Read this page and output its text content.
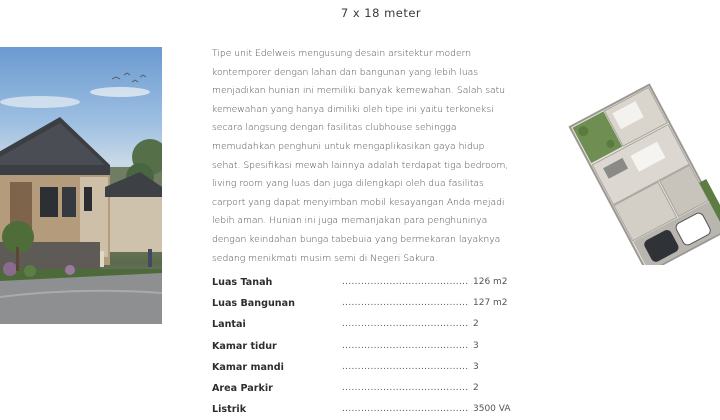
7 x 18 meter

Tipe unit Edelweis mengusung desain arsitektur modern kontemporer dengan lahan dan bangunan yang lebih luas menjadikan hunian ini memiliki banyak kemewahan. Salah satu kemewahan yang hanya dimiliki oleh tipe ini yaitu terkoneksi secara langsung dengan fasilitas clubhouse sehingga memudahkan penghuni untuk mengaplikasikan gaya hidup sehat. Spesifikasi mewah lainnya adalah terdapat tiga bedroom, living room yang luas dan juga dilengkapi oleh dua fasilitas carport yang dapat menyimban mobil kesayangan Anda mejadi lebih aman. Hunian ini juga memanjakan para penghuninya dengan keindahan bunga tabebuia yang bermekaran layaknya sedang menikmati musim semi di Negeri Sakura.

Luas Tanah	........................................ 126 m2
Luas Bangunan	........................................ 127 m2
Lantai	........................................ 2
Kamar tidur	........................................ 3
Kamar mandi	........................................ 3
Area Parkir	........................................ 2
Listrik	........................................ 3500 VA
